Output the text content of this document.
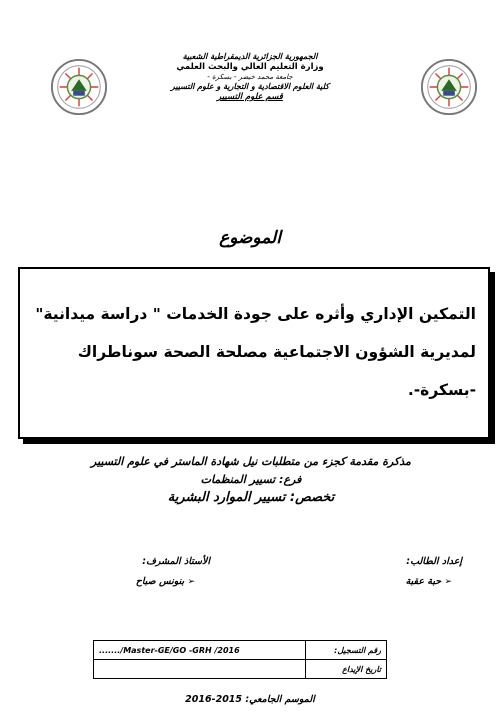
الجمهورية الجزائرية الديمقراطية الشعبية
وزارة التعليم العالي والبحث العلمي
جامعة محمد خيضر - بسكرة -
كلية العلوم الاقتصادية و التجارية و علوم التسيير
قسم علوم التسيير
الموضوع
التمكين الإداري وأثره على جودة الخدمات " دراسة ميدانية"
لمديرية الشؤون الاجتماعية مصلحة الصحة سوناطراك -بسكرة-.
مذكرة مقدمة كجزء من متطلبات نيل شهادة الماستر في علوم التسيير
فرع: تسيير المنظمات
تخصص: تسيير الموارد البشرية
إعداد الطالب:
➢ حبة عقبة
الأستاذ المشرف:
➢ بنونس صباح
......./Master-GE/GO -GRH /2016	رقم التسجيل:
	تاريخ الإيداع
الموسم الجامعي: 2015-2016
